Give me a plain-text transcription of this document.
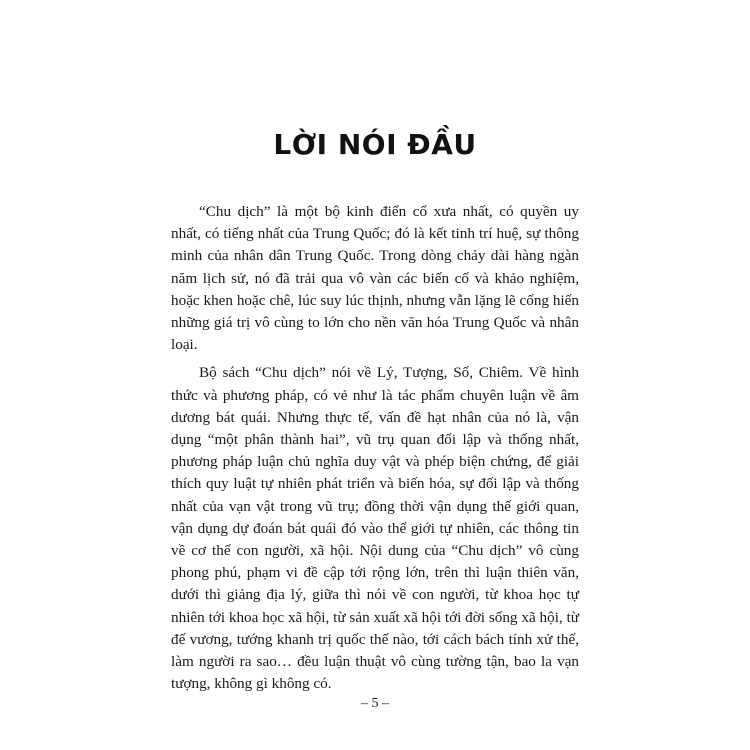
LỜI NÓI ĐẦU

“Chu dịch” là một bộ kinh điển cổ xưa nhất, có quyền uy nhất, có tiếng nhất của Trung Quốc; đó là kết tinh trí huệ, sự thông minh của nhân dân Trung Quốc. Trong dòng chảy dài hàng ngàn năm lịch sử, nó đã trải qua vô vàn các biến cố và khảo nghiệm, hoặc khen hoặc chê, lúc suy lúc thịnh, nhưng vẫn lặng lẽ cống hiến những giá trị vô cùng to lớn cho nền văn hóa Trung Quốc và nhân loại.

Bộ sách “Chu dịch” nói về Lý, Tượng, Số, Chiêm. Về hình thức và phương pháp, có vẻ như là tác phẩm chuyên luận về âm dương bát quái. Nhưng thực tế, vấn đề hạt nhân của nó là, vận dụng “một phân thành hai”, vũ trụ quan đối lập và thống nhất, phương pháp luận chủ nghĩa duy vật và phép biện chứng, để giải thích quy luật tự nhiên phát triển và biến hóa, sự đối lập và thống nhất của vạn vật trong vũ trụ; đồng thời vận dụng thế giới quan, vận dụng dự đoán bát quái đó vào thế giới tự nhiên, các thông tin về cơ thể con người, xã hội. Nội dung của “Chu dịch” vô cùng phong phú, phạm vi đề cập tới rộng lớn, trên thì luận thiên văn, dưới thì giảng địa lý, giữa thì nói về con người, từ khoa học tự nhiên tới khoa học xã hội, từ sản xuất xã hội tới đời sống xã hội, từ đế vương, tướng khanh trị quốc thế nào, tới cách bách tính xử thế, làm người ra sao… đều luận thuật vô cùng tường tận, bao la vạn tượng, không gì không có.

– 5 –
